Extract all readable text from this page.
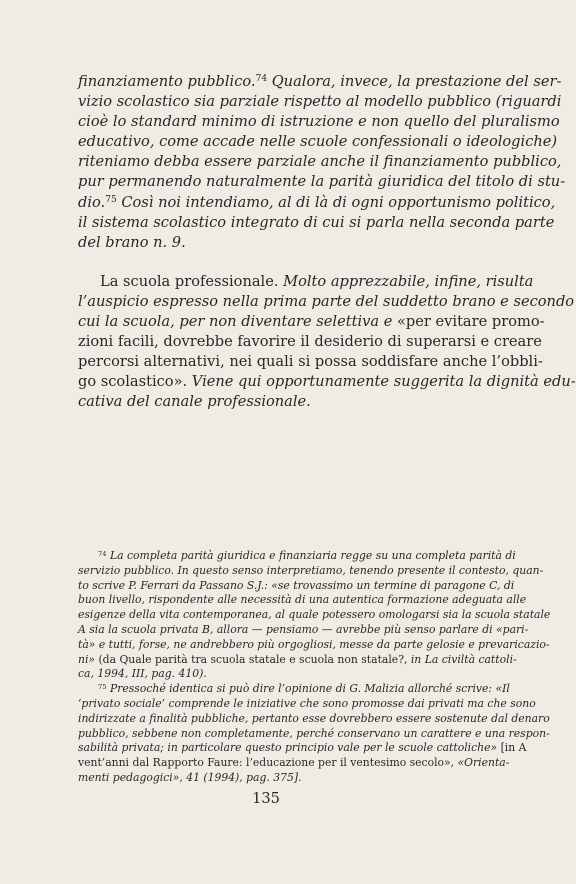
finanziamento pubblico.$^{74}$ Qualora, invece, la prestazione del ser-
vizio scolastico sia parziale rispetto al modello pubblico (riguardi
cioè lo standard minimo di istruzione e non quello del pluralismo
educativo, come accade nelle scuole confessionali o ideologiche)
riteniamo debba essere parziale anche il finanziamento pubblico,
pur permanendo naturalmente la parità giuridica del titolo di stu-
dio.$^{75}$ Così noi intendiamo, al di là di ogni opportunismo politico,
il sistema scolastico integrato di cui si parla nella seconda parte
del brano n. 9.
La scuola professionale. Molto apprezzabile, infine, risulta
l’auspicio espresso nella prima parte del suddetto brano e secondo
cui la scuola, per non diventare selettiva e «per evitare promo-
zioni facili, dovrebbe favorire il desiderio di superarsi e creare
percorsi alternativi, nei quali si possa soddisfare anche l’obbli-
go scolastico». Viene qui opportunamente suggerita la dignità edu-
cativa del canale professionale.
$^{74}$ La completa parità giuridica e finanziaria regge su una completa parità di
servizio pubblico. In questo senso interpretiamo, tenendo presente il contesto, quan-
to scrive P. Ferrari da Passano S.J.: «se trovassimo un termine di paragone C, di
buon livello, rispondente alle necessità di una autentica formazione adeguata alle
esigenze della vita contemporanea, al quale potessero omologarsi sia la scuola statale
A sia la scuola privata B, allora — pensiamo — avrebbe più senso parlare di «pari-
tà» e tutti, forse, ne andrebbero più orgogliosi, messe da parte gelosie e prevaricazio-
ni» (da Quale parità tra scuola statale e scuola non statale?, in La civiltà cattoli-
ca, 1994, III, pag. 410).
$^{75}$ Pressoché identica si può dire l’opinione di G. Malizia allorché scrive: «Il
‘privato sociale’ comprende le iniziative che sono promosse dai privati ma che sono
indirizzate a finalità pubbliche, pertanto esse dovrebbero essere sostenute dal denaro
pubblico, sebbene non completamente, perché conservano un carattere e una respon-
sabilità privata; in particolare questo principio vale per le scuole cattoliche» [in A
vent’anni dal Rapporto Faure: l’educazione per il ventesimo secolo», «Orienta-
menti pedagogici», 41 (1994), pag. 375].
135
